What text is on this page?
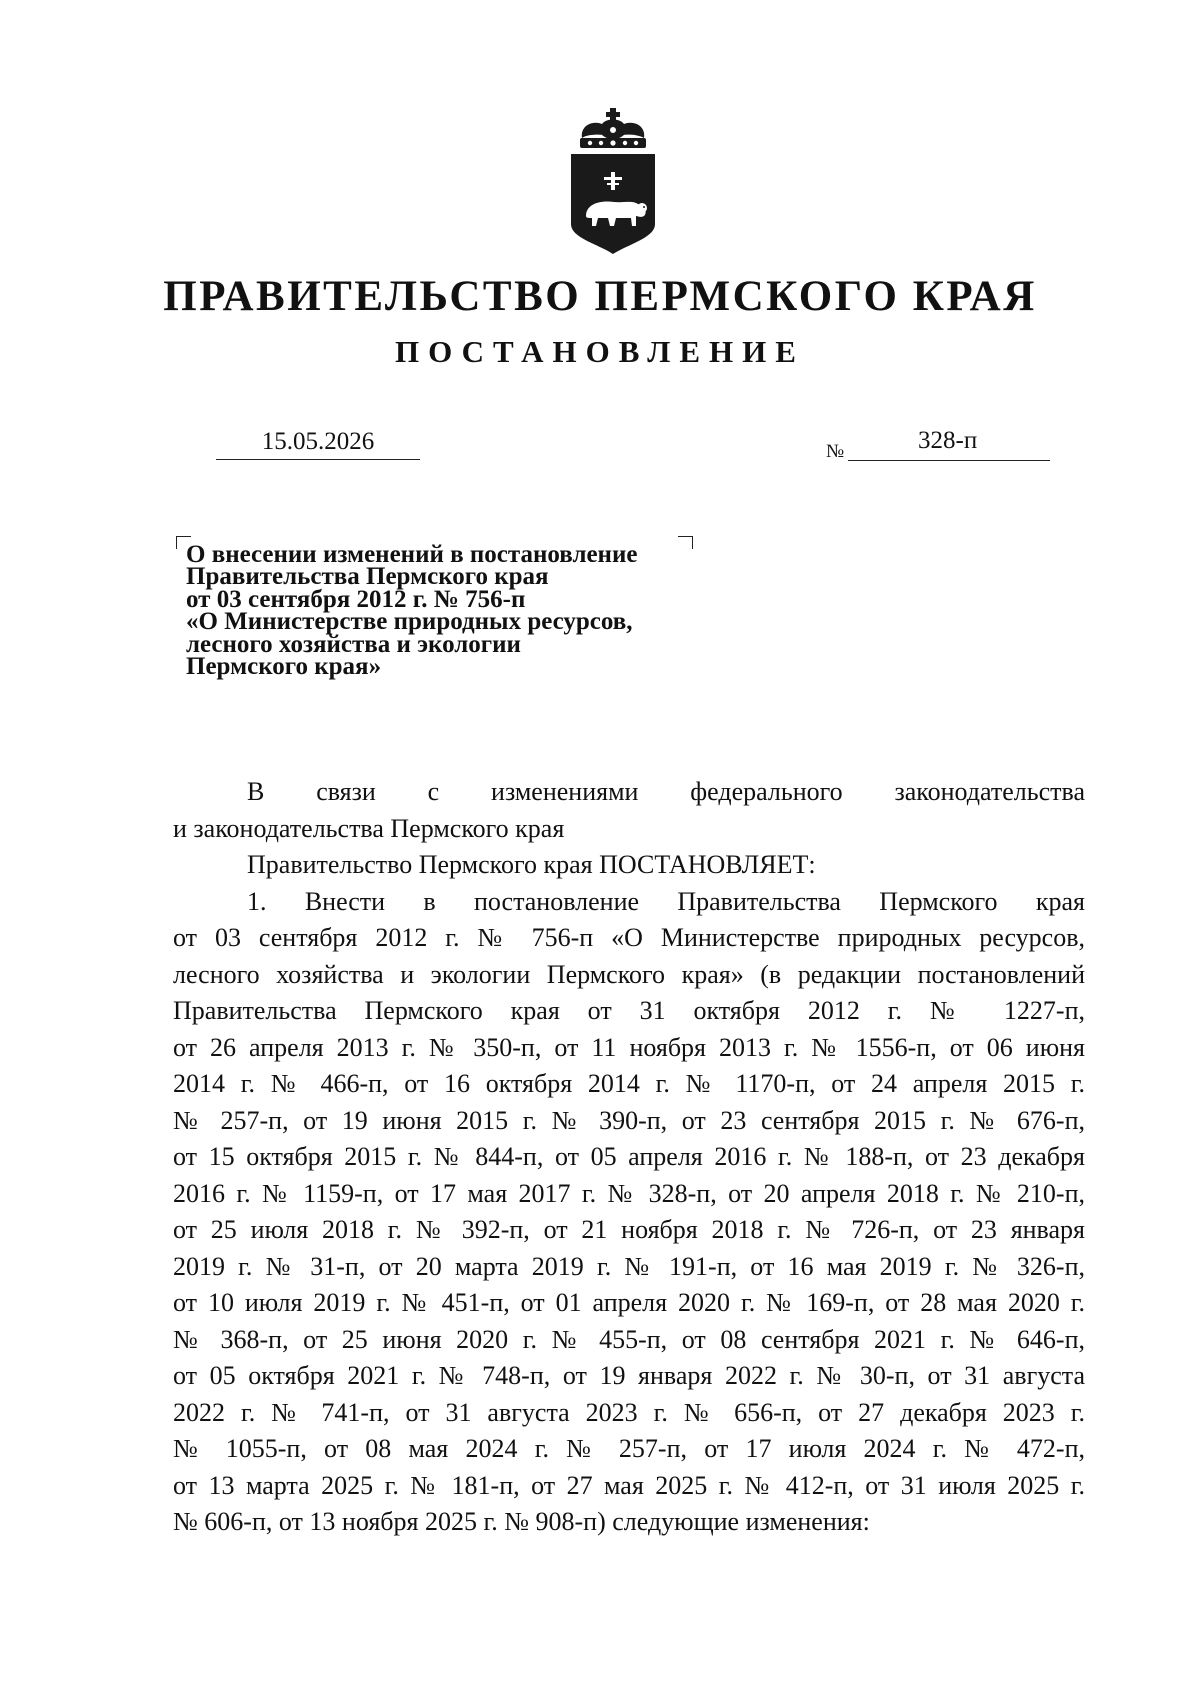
ПРАВИТЕЛЬСТВО ПЕРМСКОГО КРАЯ
ПОСТАНОВЛЕНИЕ
15.05.2026	№	328-п
О внесении изменений в постановление
Правительства Пермского края
от 03 сентября 2012 г. № 756-п
«О Министерстве природных ресурсов,
лесного хозяйства и экологии
Пермского края»

В связи с изменениями федерального законодательства

и законодательства Пермского края

Правительство Пермского края ПОСТАНОВЛЯЕТ:

1. Внести в постановление Правительства Пермского края

от 03 сентября 2012 г. № 756-п «О Министерстве природных ресурсов,

лесного хозяйства и экологии Пермского края» (в редакции постановлений

Правительства Пермского края от 31 октября 2012 г. № 1227-п,

от 26 апреля 2013 г. № 350-п, от 11 ноября 2013 г. № 1556-п, от 06 июня

2014 г. № 466-п, от 16 октября 2014 г. № 1170-п, от 24 апреля 2015 г.

№ 257-п, от 19 июня 2015 г. № 390-п, от 23 сентября 2015 г. № 676-п,

от 15 октября 2015 г. № 844-п, от 05 апреля 2016 г. № 188-п, от 23 декабря

2016 г. № 1159-п, от 17 мая 2017 г. № 328-п, от 20 апреля 2018 г. № 210-п,

от 25 июля 2018 г. № 392-п, от 21 ноября 2018 г. № 726-п, от 23 января

2019 г. № 31-п, от 20 марта 2019 г. № 191-п, от 16 мая 2019 г. № 326-п,

от 10 июля 2019 г. № 451-п, от 01 апреля 2020 г. № 169-п, от 28 мая 2020 г.

№ 368-п, от 25 июня 2020 г. № 455-п, от 08 сентября 2021 г. № 646-п,

от 05 октября 2021 г. № 748-п, от 19 января 2022 г. № 30-п, от 31 августа

2022 г. № 741-п, от 31 августа 2023 г. № 656-п, от 27 декабря 2023 г.

№ 1055-п, от 08 мая 2024 г. № 257-п, от 17 июля 2024 г. № 472-п,

от 13 марта 2025 г. № 181-п, от 27 мая 2025 г. № 412-п, от 31 июля 2025 г.

№ 606-п, от 13 ноября 2025 г. № 908-п) следующие изменения:
